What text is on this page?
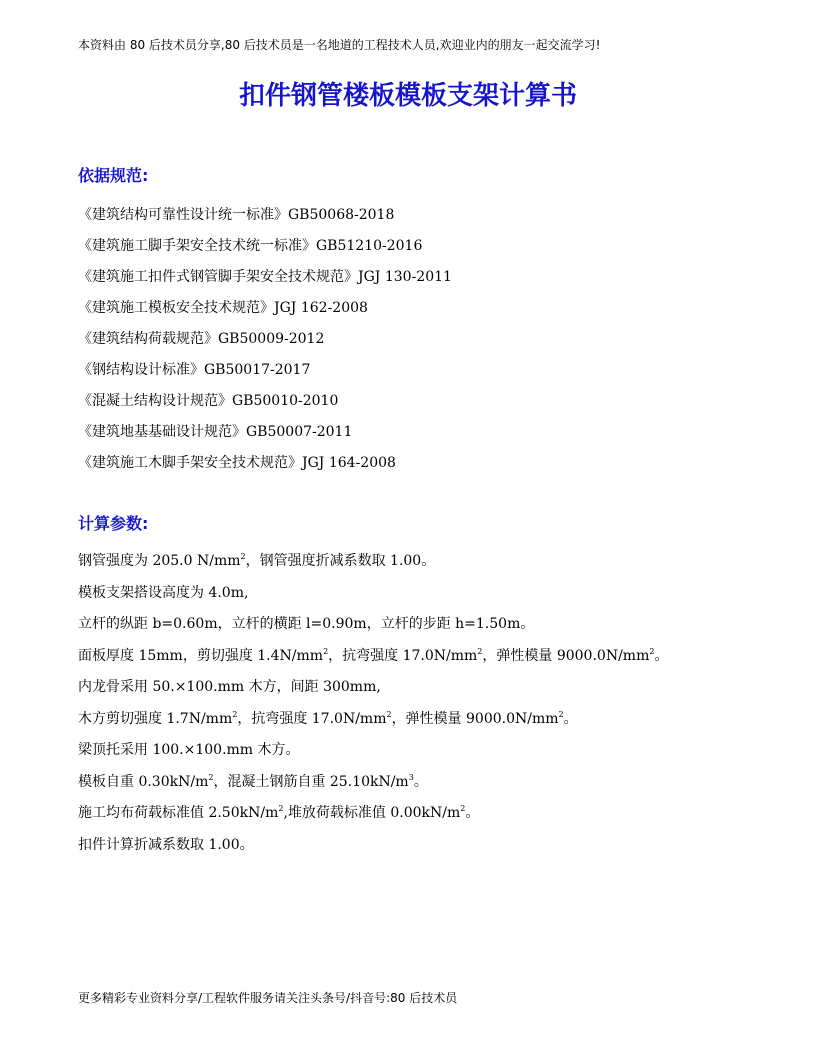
本资料由 80 后技术员分享,80 后技术员是一名地道的工程技术人员,欢迎业内的朋友一起交流学习!
扣件钢管楼板模板支架计算书
依据规范:
《建筑结构可靠性设计统一标准》GB50068-2018
《建筑施工脚手架安全技术统一标准》GB51210-2016
《建筑施工扣件式钢管脚手架安全技术规范》JGJ 130-2011
《建筑施工模板安全技术规范》JGJ 162-2008
《建筑结构荷载规范》GB50009-2012
《钢结构设计标准》GB50017-2017
《混凝土结构设计规范》GB50010-2010
《建筑地基基础设计规范》GB50007-2011
《建筑施工木脚手架安全技术规范》JGJ 164-2008
计算参数:
钢管强度为 205.0 $N/mm^2$，钢管强度折减系数取 1.00。
模板支架搭设高度为 4.0m,
立杆的纵距 b=0.60m，立杆的横距 l=0.90m，立杆的步距 h=1.50m。
面板厚度 15mm，剪切强度 $1.4N/mm^2$，抗弯强度 $17.0N/mm^2$，弹性模量 $9000.0N/mm^2$。
内龙骨采用 50.×100.mm 木方，间距 300mm,
木方剪切强度 $1.7N/mm^2$，抗弯强度 $17.0N/mm^2$，弹性模量 $9000.0N/mm^2$。
梁顶托采用 100.×100.mm 木方。
模板自重 $0.30kN/m^2$，混凝土钢筋自重 $25.10kN/m^3$。
施工均布荷载标准值 $2.50kN/m^2$,堆放荷载标准值 $0.00kN/m^2$。
扣件计算折减系数取 1.00。
更多精彩专业资料分享/工程软件服务请关注头条号/抖音号:80 后技术员
